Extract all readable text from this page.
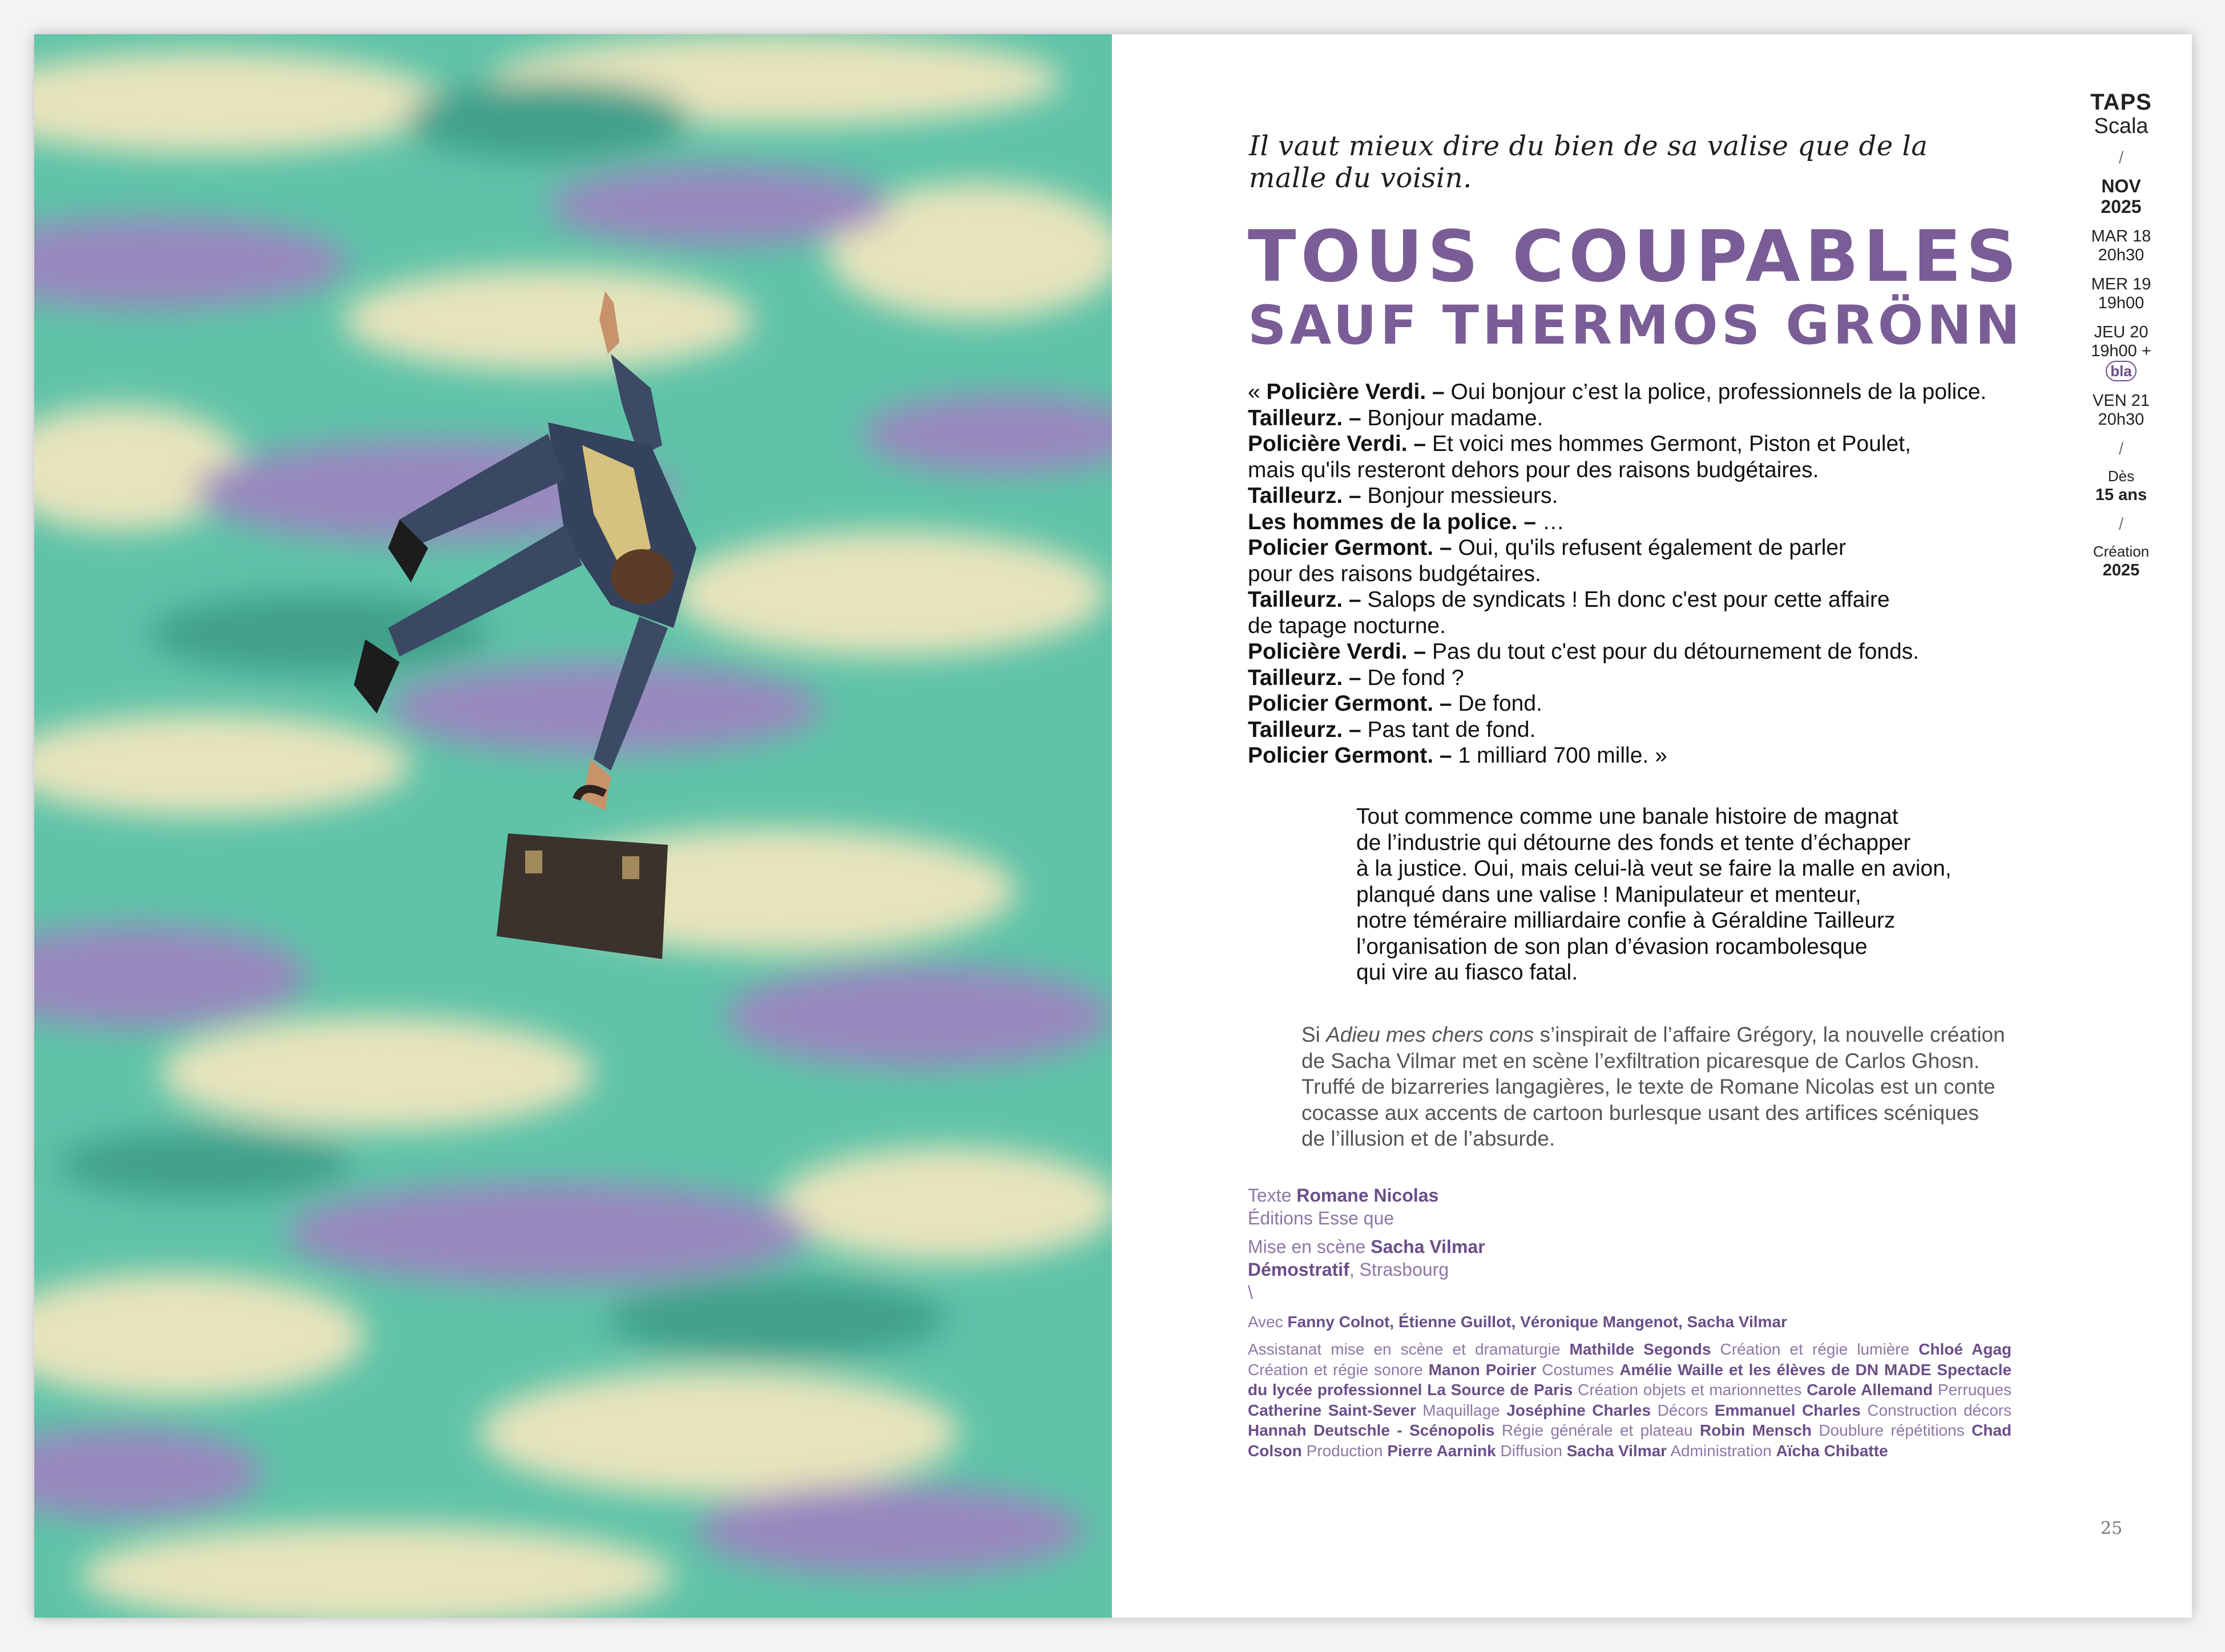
Il vaut mieux dire du bien de sa valise que de la malle du voisin.
TOUS COUPABLES
SAUF THERMOS GRÖNN
« Policière Verdi. – Oui bonjour c’est la police, professionnels de la police.
Tailleurz. – Bonjour madame.
Policière Verdi. – Et voici mes hommes Germont, Piston et Poulet,
mais qu'ils resteront dehors pour des raisons budgétaires.
Tailleurz. – Bonjour messieurs.
Les hommes de la police. – …
Policier Germont. – Oui, qu'ils refusent également de parler
pour des raisons budgétaires.
Tailleurz. – Salops de syndicats ! Eh donc c'est pour cette affaire
de tapage nocturne.
Policière Verdi. – Pas du tout c'est pour du détournement de fonds.
Tailleurz. – De fond ?
Policier Germont. – De fond.
Tailleurz. – Pas tant de fond.
Policier Germont. – 1 milliard 700 mille. »
Tout commence comme une banale histoire de magnat
de l’industrie qui détourne des fonds et tente d’échapper
à la justice. Oui, mais celui-là veut se faire la malle en avion,
planqué dans une valise ! Manipulateur et menteur,
notre téméraire milliardaire confie à Géraldine Tailleurz
l’organisation de son plan d’évasion rocambolesque
qui vire au fiasco fatal.
Si Adieu mes chers cons s’inspirait de l’affaire Grégory, la nouvelle création
de Sacha Vilmar met en scène l’exfiltration picaresque de Carlos Ghosn.
Truffé de bizarreries langagières, le texte de Romane Nicolas est un conte
cocasse aux accents de cartoon burlesque usant des artifices scéniques
de l’illusion et de l’absurde.
Texte Romane Nicolas
Éditions Esse que
Mise en scène Sacha Vilmar
Démostratif, Strasbourg
\
Avec Fanny Colnot, Étienne Guillot, Véronique Mangenot, Sacha Vilmar
Assistanat mise en scène et dramaturgie Mathilde Segonds Création et régie lumière Chloé Agag Création et régie sonore Manon Poirier Costumes Amélie Waille et les élèves de DN MADE Spectacle du lycée professionnel La Source de Paris Création objets et marionnettes Carole Allemand Perruques Catherine Saint-Sever Maquillage Joséphine Charles Décors Emmanuel Charles Construction décors Hannah Deutschle - Scénopolis Régie générale et plateau Robin Mensch Doublure répétitions Chad Colson Production Pierre Aarnink Diffusion Sacha Vilmar Administration Aïcha Chibatte
25
TAPS
Scala
/
NOV
2025
MAR 18
20h30
MER 19
19h00
JEU 20
19h00 + bla
VEN 21
20h30
/
Dès
15 ans
/
Création
2025
